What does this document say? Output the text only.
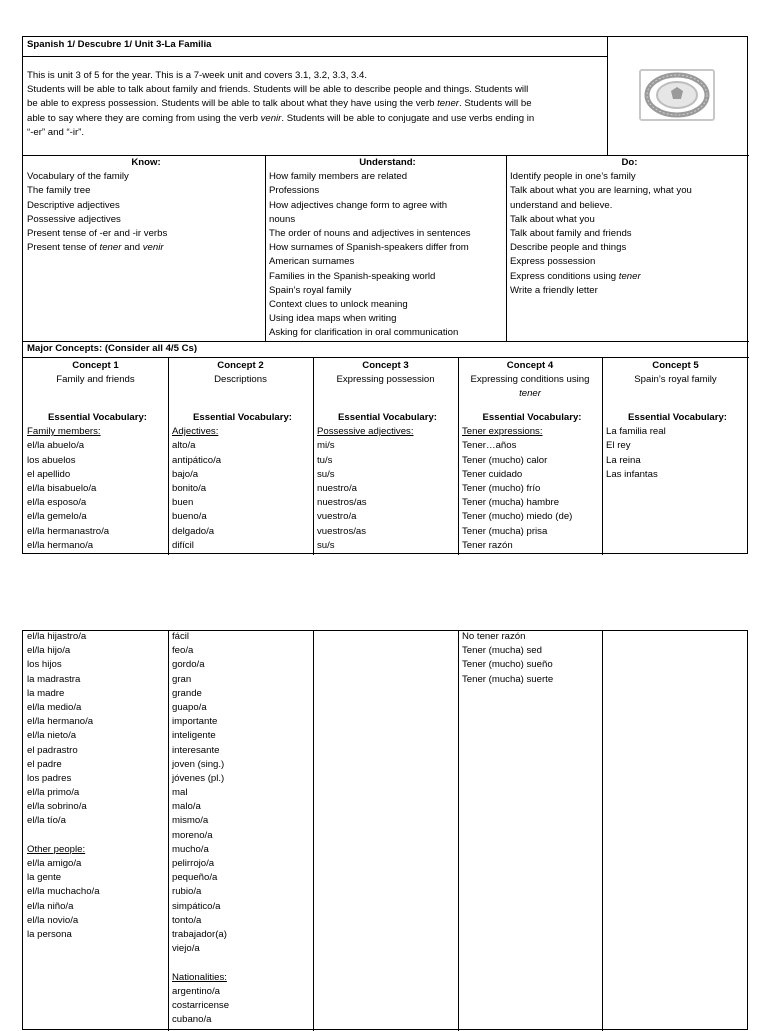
Spanish 1/ Descubre 1/ Unit 3-La Familia
This is unit 3 of 5 for the year. This is a 7-week unit and covers 3.1, 3.2, 3.3, 3.4.
Students will be able to talk about family and friends. Students will be able to describe people and things. Students will
be able to express possession. Students will be able to talk about what they have using the verb tener. Students will be
able to say where they are coming from using the verb venir. Students will be able to conjugate and use verbs ending in
“-er” and “-ir”.
Know:
Vocabulary of the family
The family tree
Descriptive adjectives
Possessive adjectives
Present tense of -er and -ir verbs
Present tense of tener and venir
Understand:
How family members are related
Professions
How adjectives change form to agree with
nouns
The order of nouns and adjectives in sentences
How surnames of Spanish-speakers differ from
American surnames
Families in the Spanish-speaking world
Spain’s royal family
Context clues to unlock meaning
Using idea maps when writing
Asking for clarification in oral communication
Do:
Identify people in one’s family
Talk about what you are learning, what you
understand and believe.
Talk about what you
Talk about family and friends
Describe people and things
Express possession
Express conditions using tener
Write a friendly letter
Major Concepts: (Consider all 4/5 Cs)
Concept 1
Family and friends
Concept 2
Descriptions
Concept 3
Expressing possession
Concept 4
Expressing conditions using
tener
Concept 5
Spain’s royal family
Essential Vocabulary:
Family members:
el/la abuelo/a
los abuelos
el apellido
el/la bisabuelo/a
el/la esposo/a
el/la gemelo/a
el/la hermanastro/a
el/la hermano/a
Essential Vocabulary:
Adjectives:
alto/a
antipático/a
bajo/a
bonito/a
buen
bueno/a
delgado/a
difícil
Essential Vocabulary:
Possessive adjectives:
mi/s
tu/s
su/s
nuestro/a
nuestros/as
vuestro/a
vuestros/as
su/s
Essential Vocabulary:
Tener expressions:
Tener…años
Tener (mucho) calor
Tener cuidado
Tener (mucho) frío
Tener (mucha) hambre
Tener (mucho) miedo (de)
Tener (mucha) prisa
Tener razón
Essential Vocabulary:
La familia real
El rey
La reina
Las infantas
el/la hijastro/a
el/la hijo/a
los hijos
la madrastra
la madre
el/la medio/a
el/la hermano/a
el/la nieto/a
el padrastro
el padre
los padres
el/la primo/a
el/la sobrino/a
el/la tío/a
Other people:
el/la amigo/a
la gente
el/la muchacho/a
el/la niño/a
el/la novio/a
la persona
fácil
feo/a
gordo/a
gran
grande
guapo/a
importante
inteligente
interesante
joven (sing.)
jóvenes (pl.)
mal
malo/a
mismo/a
moreno/a
mucho/a
pelirrojo/a
pequeño/a
rubio/a
simpático/a
tonto/a
trabajador(a)
viejo/a
Nationalities:
argentino/a
costarricense
cubano/a
No tener razón
Tener (mucha) sed
Tener (mucho) sueño
Tener (mucha) suerte
